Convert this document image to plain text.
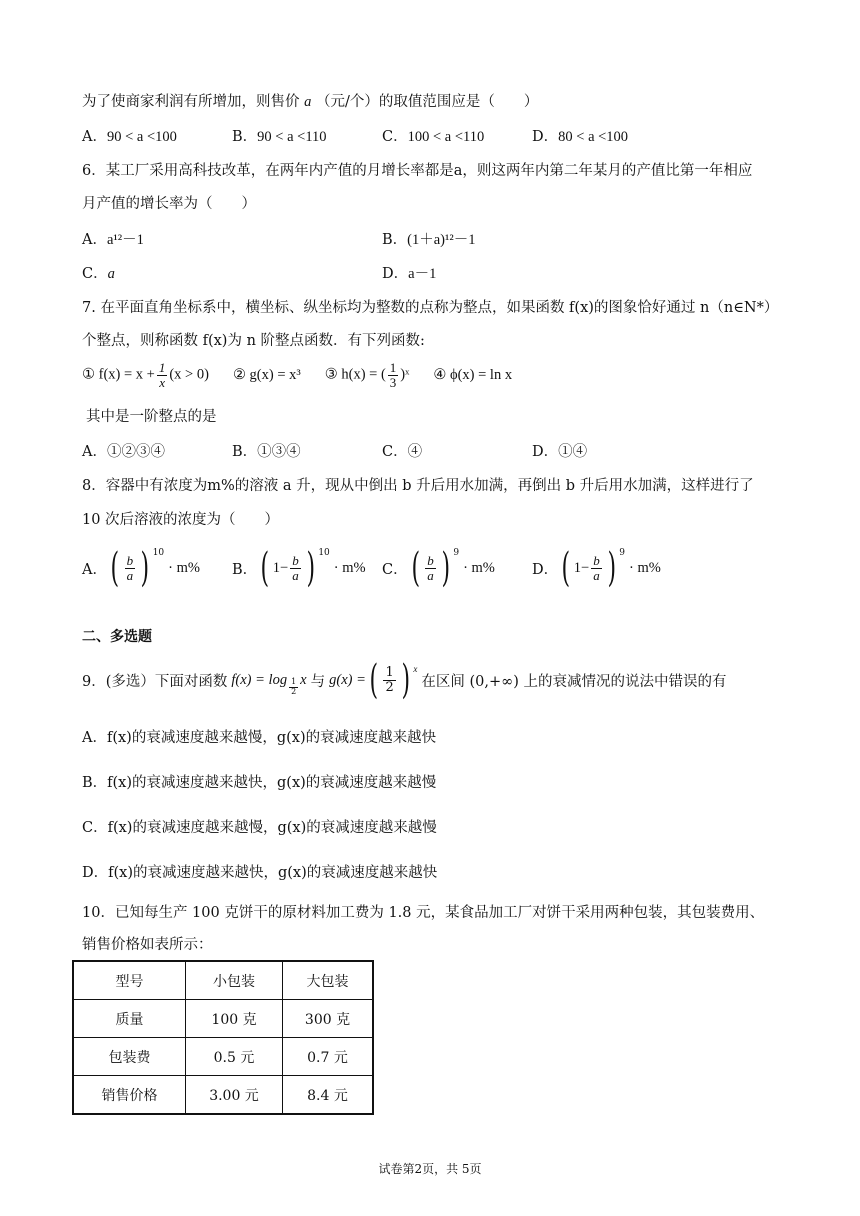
为了使商家利润有所增加，则售价 a （元/个）的取值范围应是（　　）
A．90 < a <100	B．90 < a <110	C．100 < a <110	D．80 < a <100
6．某工厂采用高科技改革，在两年内产值的月增长率都是a，则这两年内第二年某月的产值比第一年相应
月产值的增长率为（　　）
A．a¹²－1	B．(1＋a)¹²－1
C．a	D．a－1
7. 在平面直角坐标系中，横坐标、纵坐标均为整数的点称为整点，如果函数 f(x)的图象恰好通过 n（n∈N*）
个整点，则称函数 f(x)为 n 阶整点函数．有下列函数:
① $f(x) = x + \frac{1}{x} (x > 0)$ ② g(x) = x³ ③ h(x) = ( $\frac{1}{3}$ )ˣ ④ ϕ(x) = ln x
其中是一阶整点的是
A．①②③④	B．①③④	C．④	D．①④
8．容器中有浓度为m%的溶液 a 升，现从中倒出 b 升后用水加满，再倒出 b 升后用水加满，这样进行了
10 次后溶液的浓度为（　　）
A． ( $\frac{b}{a}$ ) $^{10}$
· m% B． ( $1- \frac{b}{a}$ ) $^{10}$
· m% C． ( $\frac{b}{a}$ ) $^9$
· m%	D． ( $1- \frac{b}{a}$ ) $^9$
· m%
二、多选题
9．(多选）下面对函数 $f(x) = \log \frac{1}{2}$ x 与 g(x) = ( $\frac{1}{2}$ ) $^x$
在区间 (0,+∞) 上的衰减情况的说法中错误的有
A．f(x)的衰减速度越来越慢，g(x)的衰减速度越来越快
B．f(x)的衰减速度越来越快，g(x)的衰减速度越来越慢
C．f(x)的衰减速度越来越慢，g(x)的衰减速度越来越慢
D．f(x)的衰减速度越来越快，g(x)的衰减速度越来越快
10．已知每生产 100 克饼干的原材料加工费为 1.8 元，某食品加工厂对饼干采用两种包装，其包装费用、
销售价格如表所示：
型号	小包装	大包装
质量	100 克	300 克
包装费	0.5 元	0.7 元
销售价格	3.00 元	8.4 元
试卷第2页，共 5页
